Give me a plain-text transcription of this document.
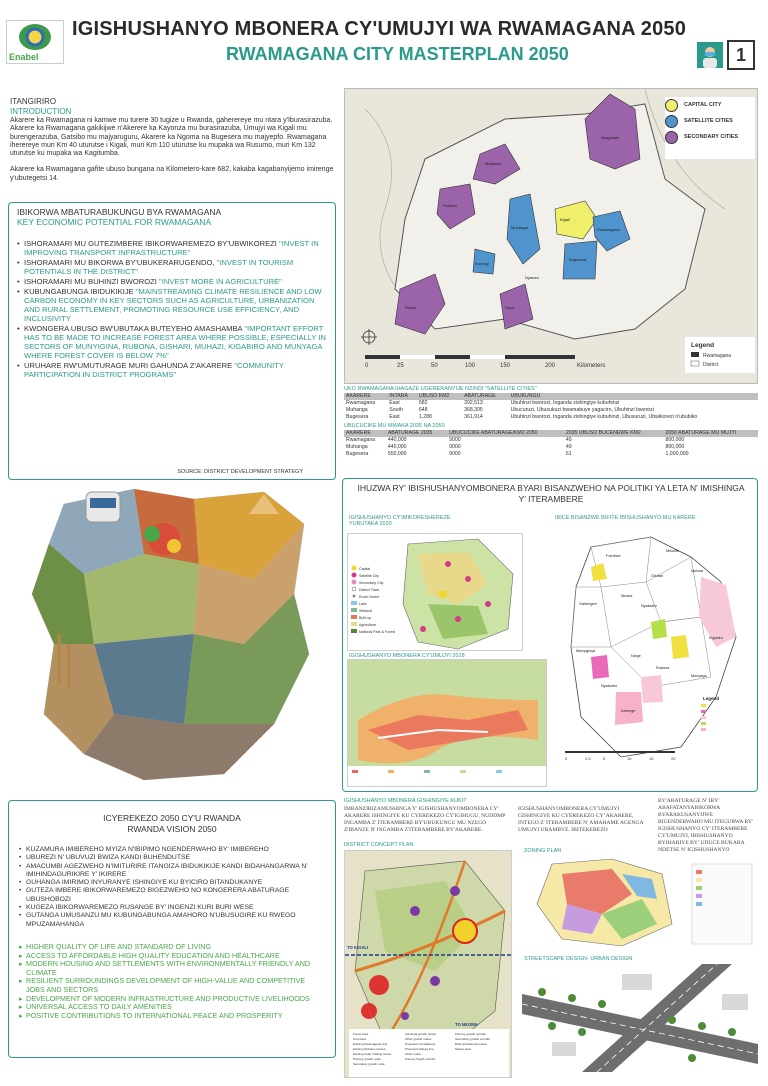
Enabel
IGISHUSHANYO MBONERA CY'UMUJYI WA RWAMAGANA 2050
RWAMAGANA CITY MASTERPLAN 2050	1
ITANGIRIRO
INTRODUCTION

Akarere ka Rwamagana ni kamwe mu turere 30 tugize u Rwanda, gaherereye mu ntara y'Iburasirazuba. Akarere ka Rwamagana gakikijwe n'Akerere ka Kayonza mu burasirazuba, Umujyi wa Kigali mu burengerazuba, Gatsibo mu majyaruguru, Akarere ka Ngoma na Bugesera mu majyepfo. Rwamagana iherereye muri Km 40 uturutse i Kigali, muri Km 110 uturutse ku mupaka wa Rusumo, muri Km 132 uturutse ku mupaka wa Kagitumba.

Akarere ka Rwamagana gafite ubuso bungana na Kilometero-kare 682, kakaba kagabanyijemo imirenge y'ubutegetsi 14.

IBIKORWA MBATURABUKUNGU BYA RWAMAGANA
KEY ECONOMIC POTENTIAL FOR RWAMAGANA
• ISHORAMARI MU GUTEZIMBERE IBIKORWAREMEZO BY'UBWIKOREZI "INVEST IN IMPROVING TRANSPORT INFRASTRUCTURE"
• ISHORAMARI MU BIKORWA BY'UBUKERARUGENDO, "INVEST IN TOURISM POTENTIALS IN THE DISTRICT"
• ISHORAMARI MU BUHINZI BWOROZI "INVEST MORE IN AGRICULTURE"
• KUBUNGABUNGA IBIDUKIKIJE "MAINSTREAMING CLIMATE RESILIENCE AND LOW CARBON ECONOMY IN KEY SECTORS SUCH AS AGRICULTURE, URBANIZATION AND RURAL SETTLEMENT, PROMOTING RESOURCE USE EFFICIENCY, AND INCLUSIVITY
• KWONGERA UBUSO BW'UBUTAKA BUTEYEHO AMASHAMBA "IMPORTANT EFFORT HAS TO BE MADE TO INCREASE FOREST AREA WHERE POSSIBLE, ESPECIALLY IN SECTORS OF MUNYIGINA, RUBONA, GISHARI, MUHAZI, KIGABIRO AND MUNYAGA WHERE FOREST COVER IS BELOW 7%"
• URUHARE RW'UMUTURAGE MURI GAHUNDA Z'AKARERE "COMMUNITY PARTICIPATION IN DISTRICT PROGRAMS"
SOURCE: DISTRICT DEVELOPMENT STRATEGY
ICYEREKEZO 2050 CY'U RWANDA
RWANDA VISION 2050
• KUZAMURA IMIBEREHO MYIZA N'IBIPIMO NGENDERWAHO BY' IMIBEREHO
• UBUREZI N' UBUVUZI BWIZA KANDI BUHENDUTSE
• AMACUMBI AGEZWEHO N'IMITURIRE ITANGIZA IBIDUKIKIJE KANDI BIDAHANGARWA N' IMIHINDAGURIKIRE Y' IKIRERE
• GUHANGA IMIRIMO INYURANYE ISHINGIYE KU BYICIRO BITANDUKANYE
• GUTEZA IMBERE IBIKORWAREMEZO BIGEZWEHO NO KONGERERA ABATURAGE UBUSHOBOZI
• KUGEZA IBIKORWAREMEZO RUSANGE BY' INGENZI KURI BURI WESE
• GUTANGA UMUSANZU MU KUBUNGABUNGA AMAHORO N'UBUSUGIRE KU RWEGO MPUZAMAHANGA
▸ HIGHER QUALITY OF LIFE AND STANDARD OF LIVING
▸ ACCESS TO AFFORDABLE HIGH QUALITY EDUCATION AND HEALTHCARE
▸ MODERN HOUSING AND SETTLEMENTS WITH ENVIRONMENTALLY FRIENDLY AND CLIMATE
▸ RESILIENT SURROUNDINGS DEVELOPMENT OF HIGH-VALUE AND COMPETITIVE JOBS AND SECTORS
▸ DEVELOPMENT OF MODERN INFRASTRUCTURE AND PRODUCTIVE LIVELIHOODS
▸ UNIVERSAL ACCESS TO DAILY AMENITIES
▸ POSITIVE CONTRIBUTIONS TO INTERNATIONAL PEACE AND PROSPERITY
0	25	50	100	150	200	Kilometers
Legend
Rwamagana
District
Nyagatare
Musanze
Rubavu
Kigali
Rwamagana
Bugesera
Muhanga
Karongi
Huye
Rusizi
Nyanza
CAPITAL CITY
SATELLITE CITIES
SECONDARY CITIES
UKO RWAMAGANA IHAGAZE UGERERANYIJE NZINDI "SATELLITE CITIES"
AKARERE	INTARA	UBUSO KM2	ABATURAGE	UBUKUNGU
Rwamagana	East	682	392,513	Ubuhinzi bworozi, Inganda zishingiye kubuhinzi
Muhanga	South	648	368,305	Ubucuruzi, Ubusukuzi bwamabuye yagaciro, Ubuhinzi bworozi
Bugesera	East	1,288	361,914	Ubuhinzi bworozi, Inganda zishingiye kubuhinzi, Ubusuruzi, Ubwikorezi n'ububiko
UBUCUCIKE MU MWAKA 2035 NA 2050
AKARERE	ABATURAGE 2035	UBUCUCIKE ABATURAGE/KM2 2050	2035 UBUSO BUCENEWE KM2	2050 ABATURAGE MU MUJYI
Rwamagana	440,000	9000	49	800,000
Muhanga	440,000	9000	49	800,000
Bugesera	550,000	9000	61	1,000,000
IHUZWA RY' IBISHUSHANYOMBONERA BYARI BISANZWEHO NA POLITIKI YA LETA N' IMISHINGA Y' ITERAMBERE
IGISHUSHANYO CY'IMIKORESHEREZE YUBUTAKA 2020
Capital
Satellite City
Secondary City
District Town
Rural Centre
Lake
Wetland
Built up
Agriculture
National Park & Forest
IGISHUSHANYO MBONERA CY'UMUJYI 2018
IBICE BISANZWE BIFITE IBISHUSHANYO MU KARERE
Fumbwe
Mwulire
Muhazi
Gishari
Gahengeri
Musha
Nyakaliro
Kigabiro
Nzige
Munyiginya
Rubona
Munyaga
Nyakariro
Karenge
Legend
0	2.5	5	10	15	20
IGISHUSHANYO MBONERA GISHINGIYE KUKI?
IMBANZIRIZAMUSHINGA Y' IGISHUSHANYOMBONERA CY' AKARERE ISHINGIYE KU CYEREKEZO CY'IGIHUGU, NUDDMP INGAMBA Z' ITERAMBERE BY'UBUKUNGU MU NZEGO Z'IBANZE N' INGAMBA Z'ITERAMBERE BY'AKARERE.
IGISHUSHANYOMBONERA CY'UMUJYI GISHINGIYE KU CYEREKEZO CY' AKARERE, INTEGO Z' ITERAMBERE N' AMAHAME AGENGA UMUJYI URAMBYE. IBITEKEREZO
BY'ABATURAGE N' IBY' ABAFATANYABIKORWA BYARAKUSANYIJWE BIGENDERWAHO MU ITEGURWA RY' IGISHUSHANYO CY' ITERAMBERE CY'UMUJYI, IBISHUSHANYO BYIHARIYE BY' UDUCE BUKABA NDETSE N' IGISHUSHANYO
DISTRICT CONCEPT PLAN
TO KIGALI
TO NKOMA
Forest area
Crop land
Existing Rwamagana City
Existing Rubave centres
Existing Solar Trading centre
Primary growth node
Secondary growth node
Industrial growth nodes
Other growth nodes
Proposed roundabouts
Proposed railway line
Other roads
Primary freight corridor
Primary growth corridor
Secondary growth corridor
Built up/settlement area
Nature area
ZONING PLAN
STREETSCAPE DESIGN- URBAN DESIGN
